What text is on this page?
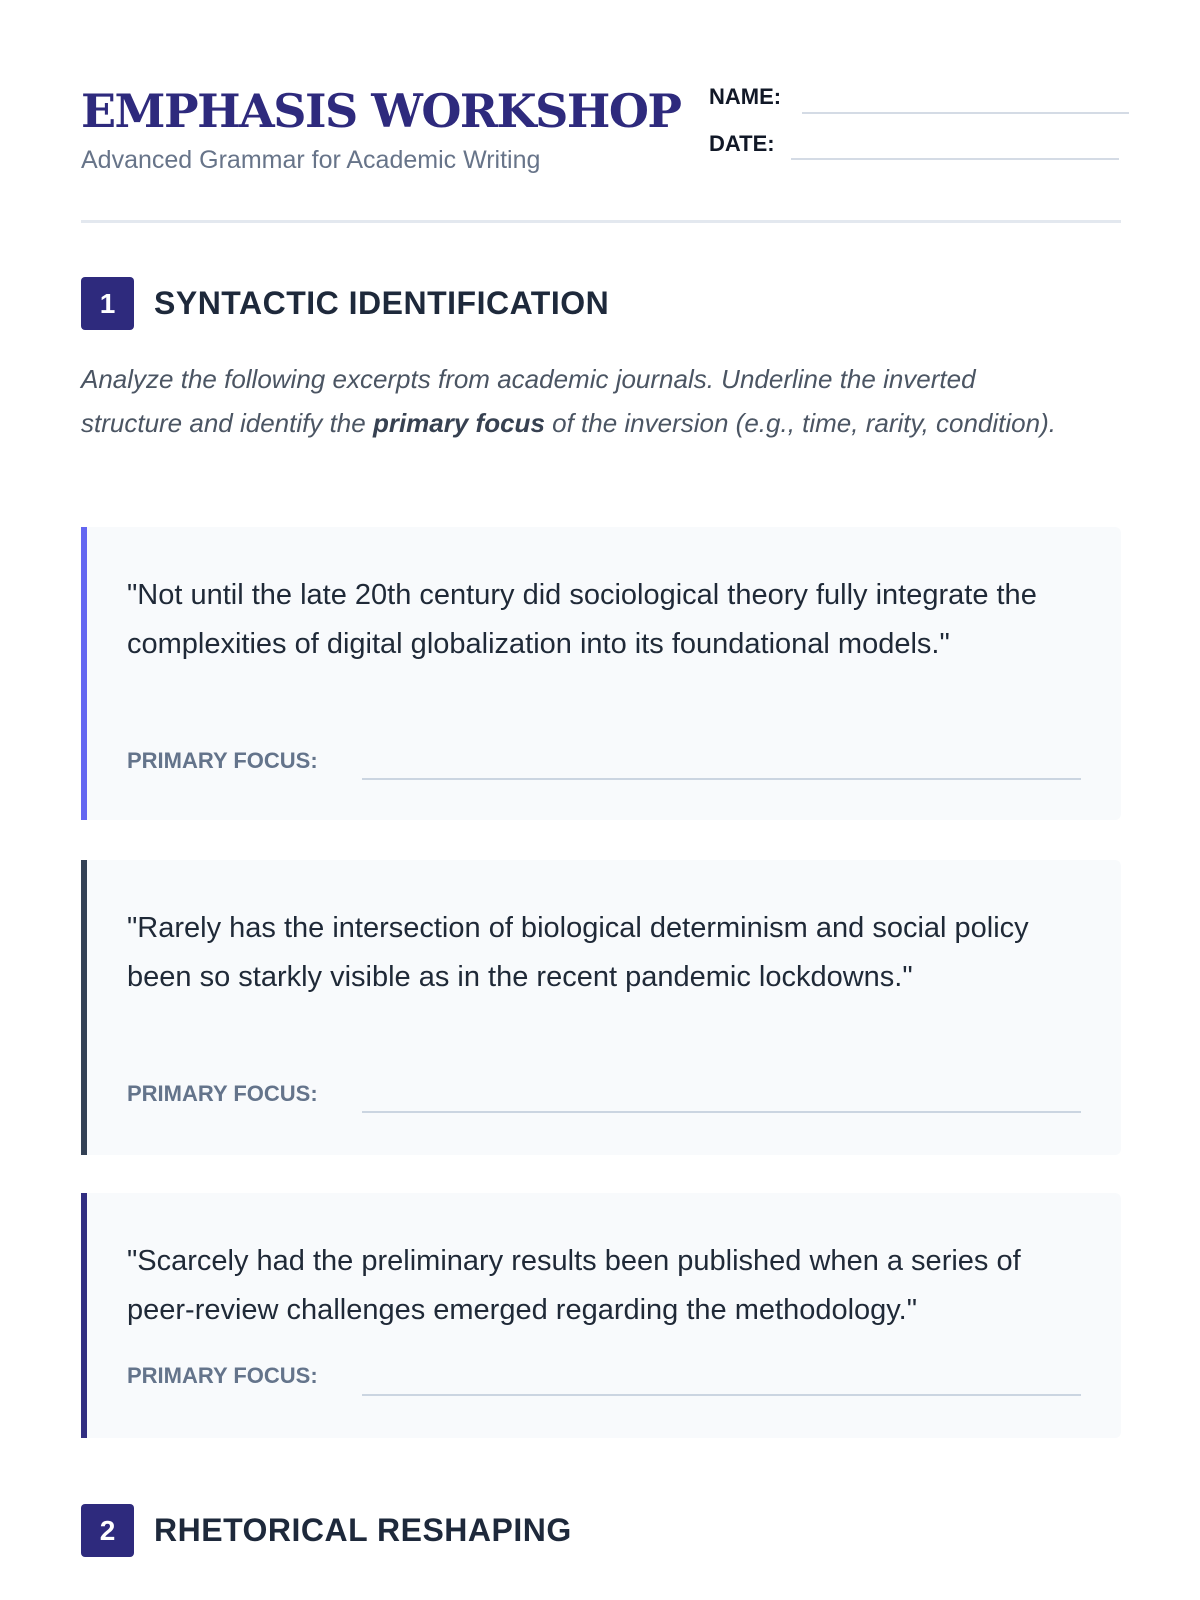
EMPHASIS WORKSHOP
Advanced Grammar for Academic Writing
NAME:
DATE:
1	SYNTACTIC IDENTIFICATION

Analyze the following excerpts from academic journals. Underline the inverted structure and identify the primary focus of the inversion (e.g., time, rarity, condition).

"Not until the late 20th century did sociological theory fully integrate the complexities of digital globalization into its foundational models."

PRIMARY FOCUS:

"Rarely has the intersection of biological determinism and social policy been so starkly visible as in the recent pandemic lockdowns."

PRIMARY FOCUS:

"Scarcely had the preliminary results been published when a series of peer-review challenges emerged regarding the methodology."

PRIMARY FOCUS:
2	RHETORICAL RESHAPING
